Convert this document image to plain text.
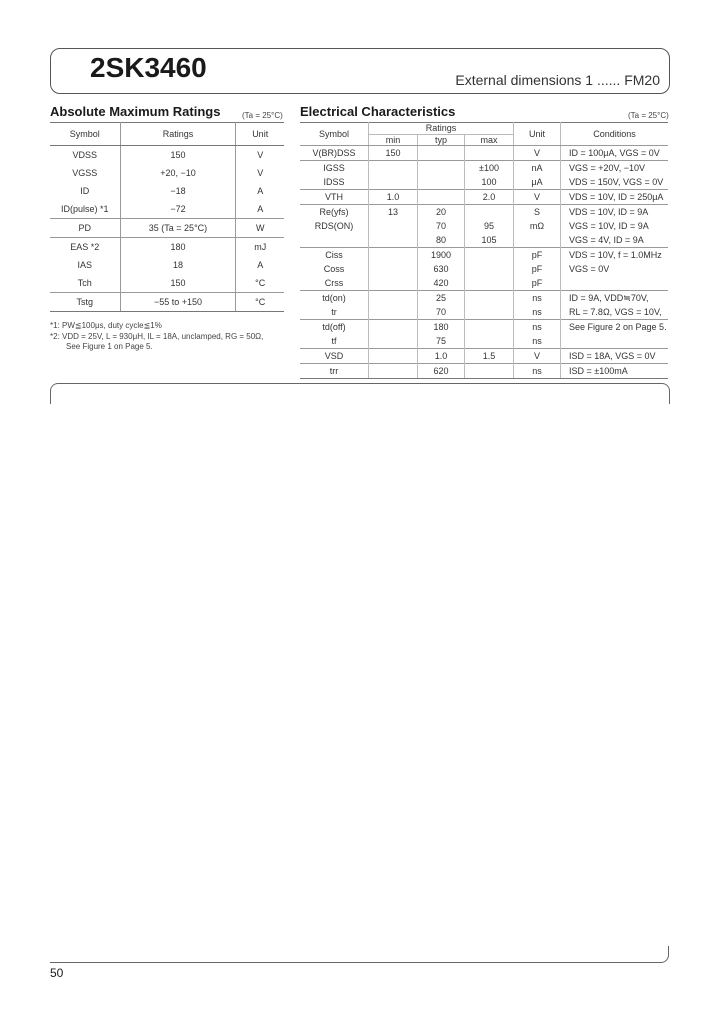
2SK3460	External dimensions 1 ...... FM20
Absolute Maximum Ratings	(Ta = 25°C)
Symbol	Ratings	Unit
VDSS	150	V
VGSS	+20, −10	V
ID	−18	A
ID(pulse) *1	−72	A
PD	35 (Ta = 25°C)	W
EAS *2	180	mJ
IAS	18	A
Tch	150	°C
Tstg	−55 to +150	°C
*1: PW≦100μs, duty cycle≦1%
*2: VDD = 25V, L = 930μH, IL = 18A, unclamped, RG = 50Ω,
See Figure 1 on Page 5.
Electrical Characteristics	(Ta = 25°C)
Symbol	Ratings			Unit	Conditions
	min	typ	max		
V(BR)DSS	150			V	ID = 100μA, VGS = 0V
IGSS			±100	nA	VGS = +20V, −10V
IDSS			100	μA	VDS = 150V, VGS = 0V
VTH	1.0		2.0	V	VDS = 10V, ID = 250μA
Re(yfs)	13	20		S	VDS = 10V, ID = 9A
RDS(ON)		70	95	mΩ	VGS = 10V, ID = 9A
		80	105		VGS = 4V, ID = 9A
Ciss		1900		pF	VDS = 10V, f = 1.0MHz
Coss		630		pF	VGS = 0V
Crss		420		pF	
td(on)		25		ns	ID = 9A, VDD≒70V,
tr		70		ns	RL = 7.8Ω, VGS = 10V,
td(off)		180		ns	See Figure 2 on Page 5.
tf		75		ns	
VSD		1.0	1.5	V	ISD = 18A, VGS = 0V
trr		620		ns	ISD = ±100mA
50
